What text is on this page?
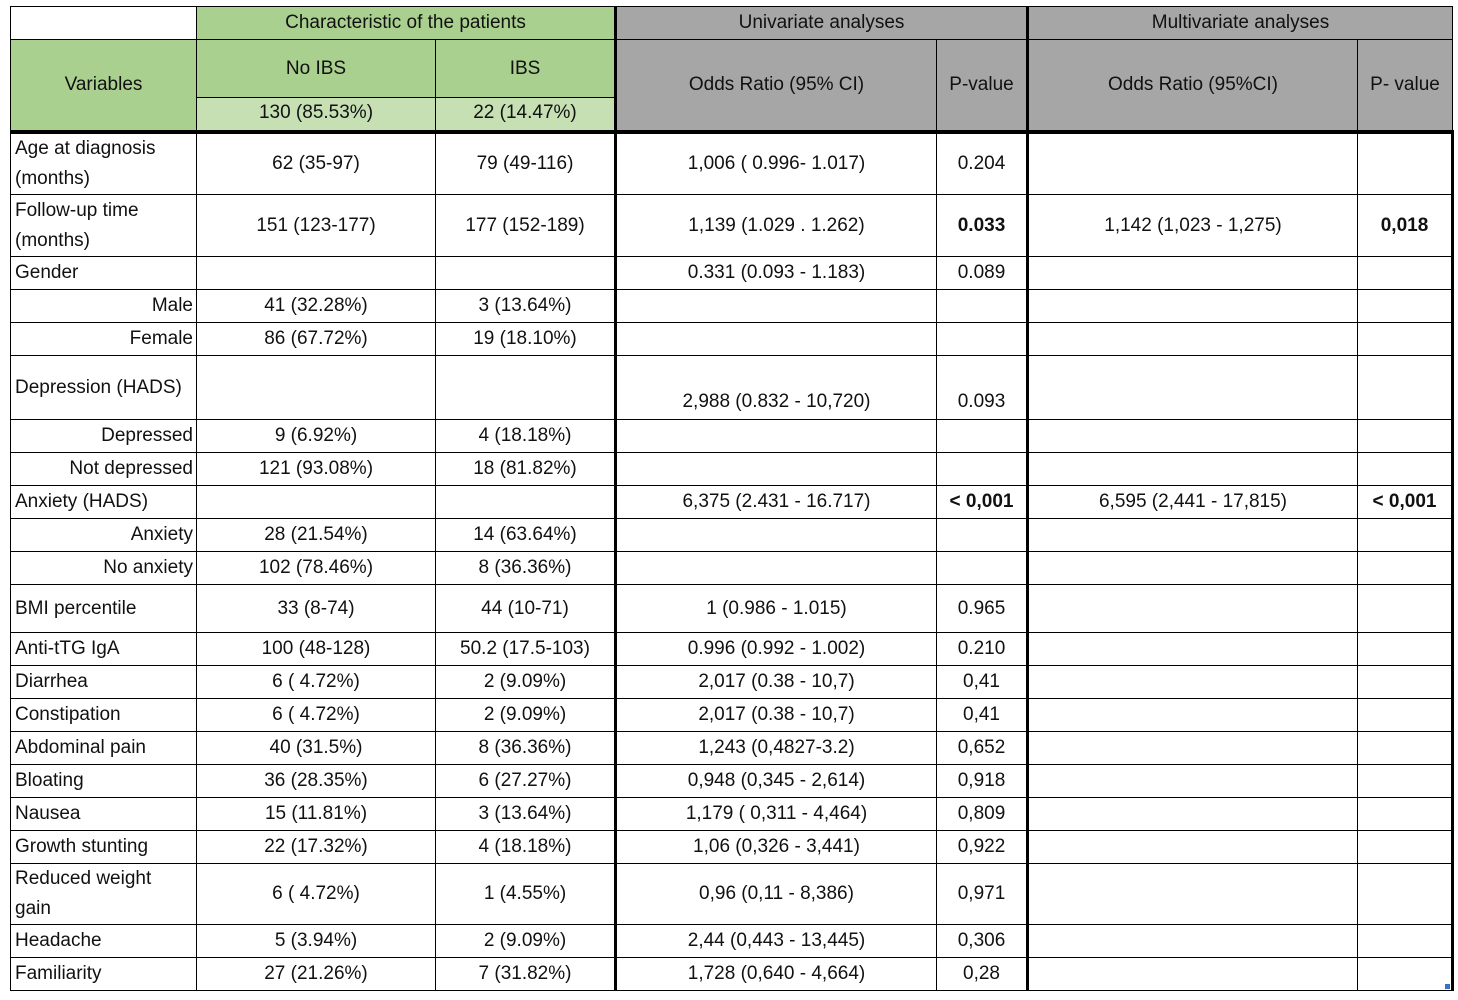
	Characteristic of the patients		Univariate analyses		Multivariate analyses	
Variables	No IBS	IBS	Odds Ratio (95% CI)	P-value	Odds Ratio (95%CI)	P- value
	130 (85.53%)	22 (14.47%)				
Age at diagnosis (months)	62 (35-97)	79 (49-116)	1,006 ( 0.996- 1.017)	0.204		
Follow-up time (months)	151 (123-177)	177 (152-189)	1,139 (1.029 . 1.262)	0.033	1,142 (1,023 - 1,275)	0,018
Gender			0.331 (0.093 - 1.183)	0.089		
Male	41 (32.28%)	3 (13.64%)				
Female	86 (67.72%)	19 (18.10%)				
Depression (HADS)			2,988 (0.832 - 10,720)	0.093		
Depressed	9 (6.92%)	4 (18.18%)				
Not depressed	121 (93.08%)	18 (81.82%)				
Anxiety (HADS)			6,375 (2.431 - 16.717)	< 0,001	6,595 (2,441 - 17,815)	< 0,001
Anxiety	28 (21.54%)	14 (63.64%)				
No anxiety	102 (78.46%)	8 (36.36%)				
BMI percentile	33 (8-74)	44 (10-71)	1 (0.986 - 1.015)	0.965		
Anti-tTG IgA	100 (48-128)	50.2 (17.5-103)	0.996 (0.992 - 1.002)	0.210		
Diarrhea	6 ( 4.72%)	2 (9.09%)	2,017 (0.38 - 10,7)	0,41		
Constipation	6 ( 4.72%)	2 (9.09%)	2,017 (0.38 - 10,7)	0,41		
Abdominal pain	40 (31.5%)	8 (36.36%)	1,243 (0,4827-3.2)	0,652		
Bloating	36 (28.35%)	6 (27.27%)	0,948 (0,345 - 2,614)	0,918		
Nausea	15 (11.81%)	3 (13.64%)	1,179 ( 0,311 - 4,464)	0,809		
Growth stunting	22 (17.32%)	4 (18.18%)	1,06 (0,326 - 3,441)	0,922		
Reduced weight gain	6 ( 4.72%)	1 (4.55%)	0,96 (0,11 - 8,386)	0,971		
Headache	5 (3.94%)	2 (9.09%)	2,44 (0,443 - 13,445)	0,306		
Familiarity	27 (21.26%)	7 (31.82%)	1,728 (0,640 - 4,664)	0,28		
